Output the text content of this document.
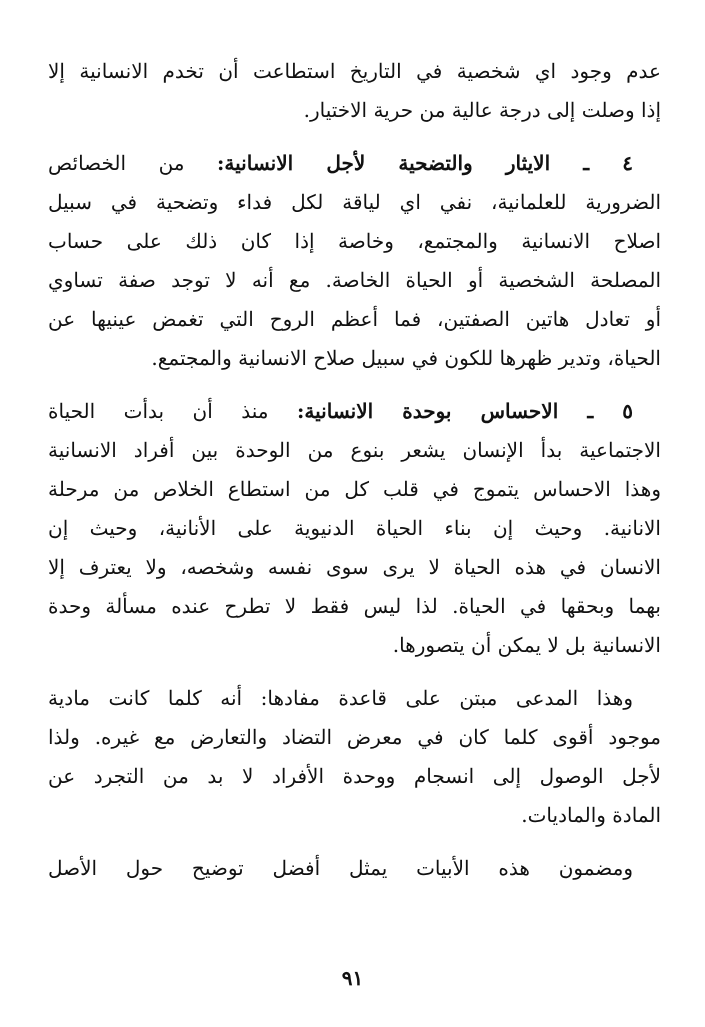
عدم وجود اي شخصية في التاريخ استطاعت أن تخدم الانسانية إلا
إذا وصلت إلى درجة عالية من حرية الاختيار.

٤ ـ الايثار والتضحية لأجل الانسانية: من الخصائص
الضرورية للعلمانية، نفي اي لياقة لكل فداء وتضحية في سبيل
اصلاح الانسانية والمجتمع، وخاصة إذا كان ذلك على حساب
المصلحة الشخصية أو الحياة الخاصة. مع أنه لا توجد صفة تساوي
أو تعادل هاتين الصفتين، فما أعظم الروح التي تغمض عينيها عن
الحياة، وتدير ظهرها للكون في سبيل صلاح الانسانية والمجتمع.

٥ ـ الاحساس بوحدة الانسانية: منذ أن بدأت الحياة
الاجتماعية بدأ الإنسان يشعر بنوع من الوحدة بين أفراد الانسانية
وهذا الاحساس يتموج في قلب كل من استطاع الخلاص من مرحلة
الانانية. وحيث إن بناء الحياة الدنيوية على الأنانية، وحيث إن
الانسان في هذه الحياة لا يرى سوى نفسه وشخصه، ولا يعترف إلا
بهما وبحقها في الحياة. لذا ليس فقط لا تطرح عنده مسألة وحدة
الانسانية بل لا يمكن أن يتصورها.

وهذا المدعى مبتن على قاعدة مفادها: أنه كلما كانت مادية
موجود أقوى كلما كان في معرض التضاد والتعارض مع غيره. ولذا
لأجل الوصول إلى انسجام ووحدة الأفراد لا بد من التجرد عن
المادة والماديات.

ومضمون هذه الأبيات يمثل أفضل توضيح حول الأصل

٩١
